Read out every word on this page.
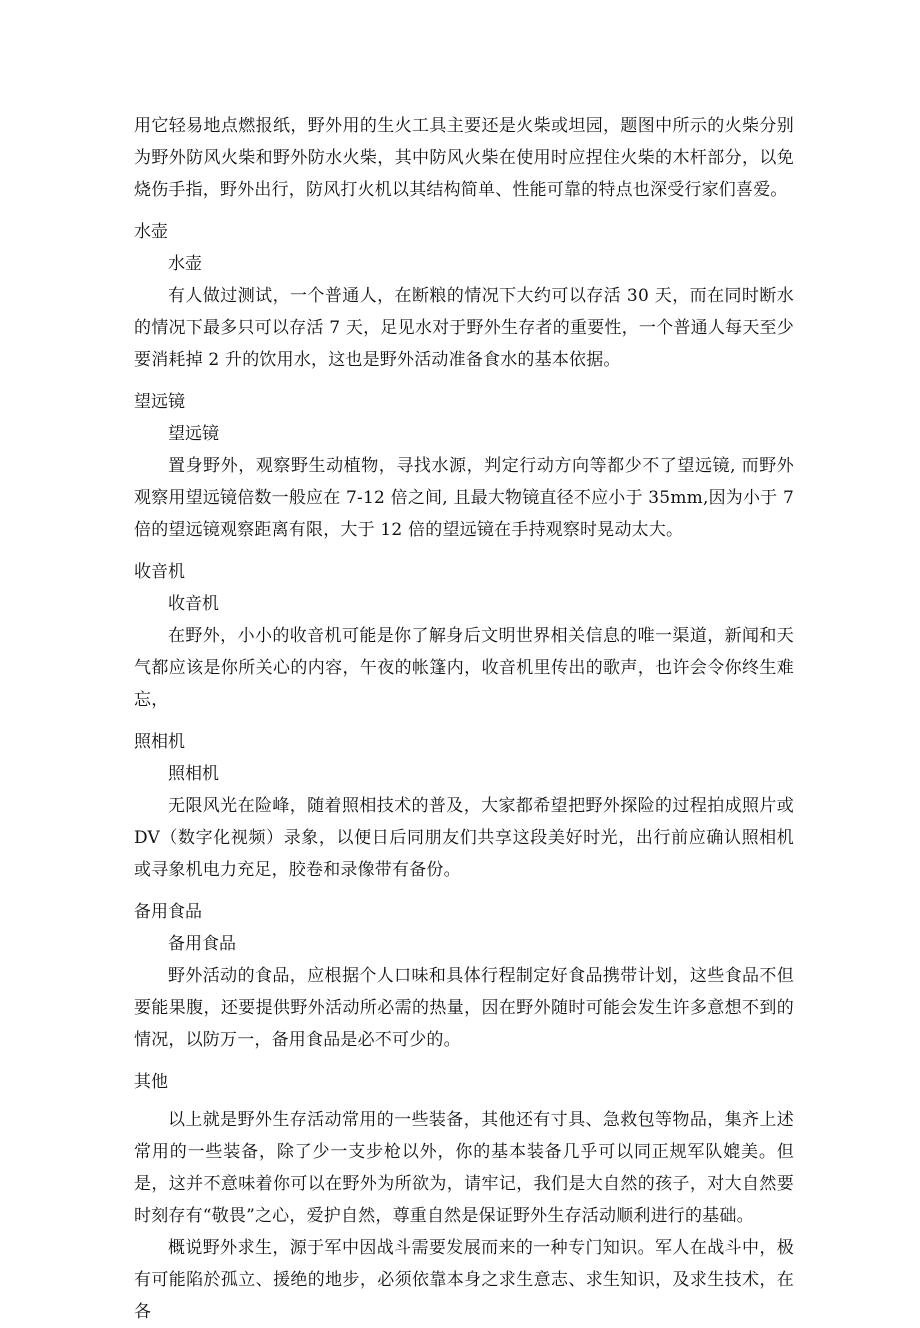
用它轻易地点燃报纸，野外用的生火工具主要还是火柴或坦园，题图中所示的火柴分别为野外防风火柴和野外防水火柴，其中防风火柴在使用时应捏住火柴的木杆部分，以免烧伤手指，野外出行，防风打火机以其结构简单、性能可靠的特点也深受行家们喜爱。

水壶

水壶

有人做过测试，一个普通人，在断粮的情况下大约可以存活 30 天，而在同时断水的情况下最多只可以存活 7 天，足见水对于野外生存者的重要性，一个普通人每天至少要消耗掉 2 升的饮用水，这也是野外活动准备食水的基本依据。

望远镜

望远镜

置身野外，观察野生动植物，寻找水源，判定行动方向等都少不了望远镜, 而野外观察用望远镜倍数一般应在 7-12 倍之间, 且最大物镜直径不应小于 35mm,因为小于 7 倍的望远镜观察距离有限，大于 12 倍的望远镜在手持观察时晃动太大。

收音机

收音机

在野外，小小的收音机可能是你了解身后文明世界相关信息的唯一渠道，新闻和天气都应该是你所关心的内容，午夜的帐篷内，收音机里传出的歌声，也许会令你终生难忘，

照相机

照相机

无限风光在险峰，随着照相技术的普及，大家都希望把野外探险的过程拍成照片或 DV（数字化视频）录象，以便日后同朋友们共享这段美好时光，出行前应确认照相机或寻象机电力充足，胶卷和录像带有备份。

备用食品

备用食品

野外活动的食品，应根据个人口味和具体行程制定好食品携带计划，这些食品不但要能果腹，还要提供野外活动所必需的热量，因在野外随时可能会发生许多意想不到的情况，以防万一，备用食品是必不可少的。

其他

以上就是野外生存活动常用的一些装备，其他还有寸具、急救包等物品，集齐上述常用的一些装备，除了少一支步枪以外，你的基本装备几乎可以同正规军队媲美。但是，这并不意味着你可以在野外为所欲为，请牢记，我们是大自然的孩子，对大自然要时刻存有“敬畏”之心，爱护自然，尊重自然是保证野外生存活动顺利进行的基础。

概说野外求生，源于军中因战斗需要发展而来的一种专门知识。军人在战斗中，极有可能陷於孤立、援绝的地步，必须依靠本身之求生意志、求生知识，及求生技术，在各
